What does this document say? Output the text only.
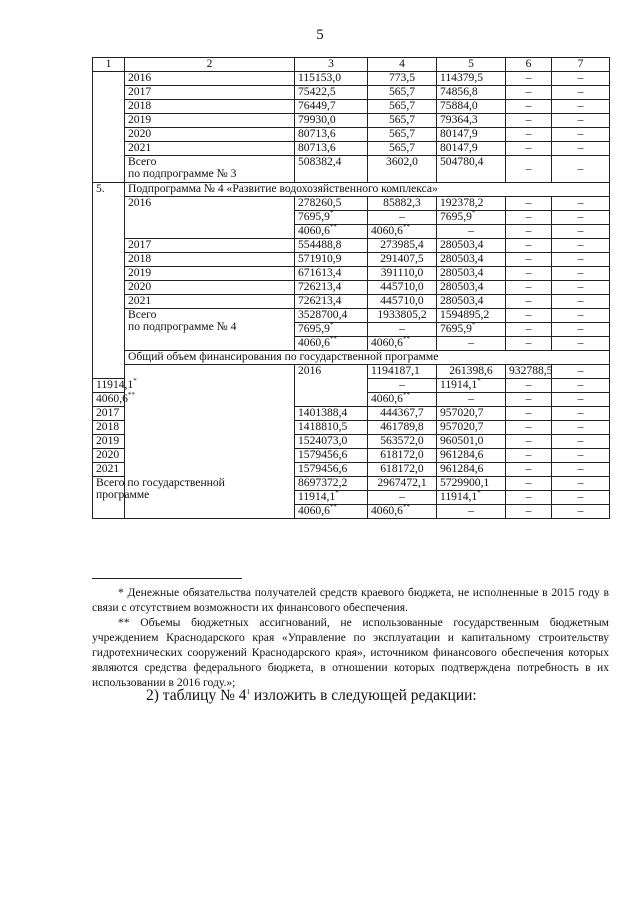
5
1	2	3	4	5	6	7	
	2016	115153,0	773,5	114379,5	–	–	
	2017	75422,5	565,7	74856,8	–	–	
	2018	76449,7	565,7	75884,0	–	–	
	2019	79930,0	565,7	79364,3	–	–	
	2020	80713,6	565,7	80147,9	–	–	
	2021	80713,6	565,7	80147,9	–	–	
	Всего
по подпрограмме № 3	508382,4	3602,0	504780,4	–	–	
5.	Подпрограмма № 4 «Развитие водохозяйственного комплекса»						
	2016	278260,5	85882,3	192378,2	–	–	
		7695,9*	–	7695,9*	–	–	
		4060,6**	4060,6**	–	–	–	
	2017	554488,8	273985,4	280503,4	–	–	
	2018	571910,9	291407,5	280503,4	–	–	
	2019	671613,4	391110,0	280503,4	–	–	
	2020	726213,4	445710,0	280503,4	–	–	
	2021	726213,4	445710,0	280503,4	–	–	
	Всего
по подпрограмме № 4	3528700,4	1933805,2	1594895,2	–	–	
		7695,9*	–	7695,9*	–	–	
		4060,6**	4060,6**	–	–	–	
	Общий объем финансирования по государственной программе						
		2016	1194187,1	261398,6	932788,5	–	
11914,1*			–	11914,1*	–	–	
4060,6**			4060,6**	–	–	–	
2017		1401388,4	444367,7	957020,7	–	–	
2018		1418810,5	461789,8	957020,7	–	–	
2019		1524073,0	563572,0	960501,0	–	–	
2020		1579456,6	618172,0	961284,6	–	–	
2021		1579456,6	618172,0	961284,6	–	–	
Всего по государственной
программе		8697372,2	2967472,1	5729900,1	–	–	
		11914,1*	–	11914,1*	–	–	
		4060,6**	4060,6**	–	–	–	

* Денежные обязательства получателей средств краевого бюджета, не исполненные в 2015 году в связи с отсутствием возможности их финансового обеспечения.

** Объемы бюджетных ассигнований, не использованные государственным бюджетным учреждением Краснодарского края «Управление по эксплуатации и капитальному строительству гидротехнических сооружений Краснодарского края», источником финансового обеспечения которых являются средства федерального бюджета, в отношении которых подтверждена потребность в их использовании в 2016 году.»;

2) таблицу № $4^1$ изложить в следующей редакции:
